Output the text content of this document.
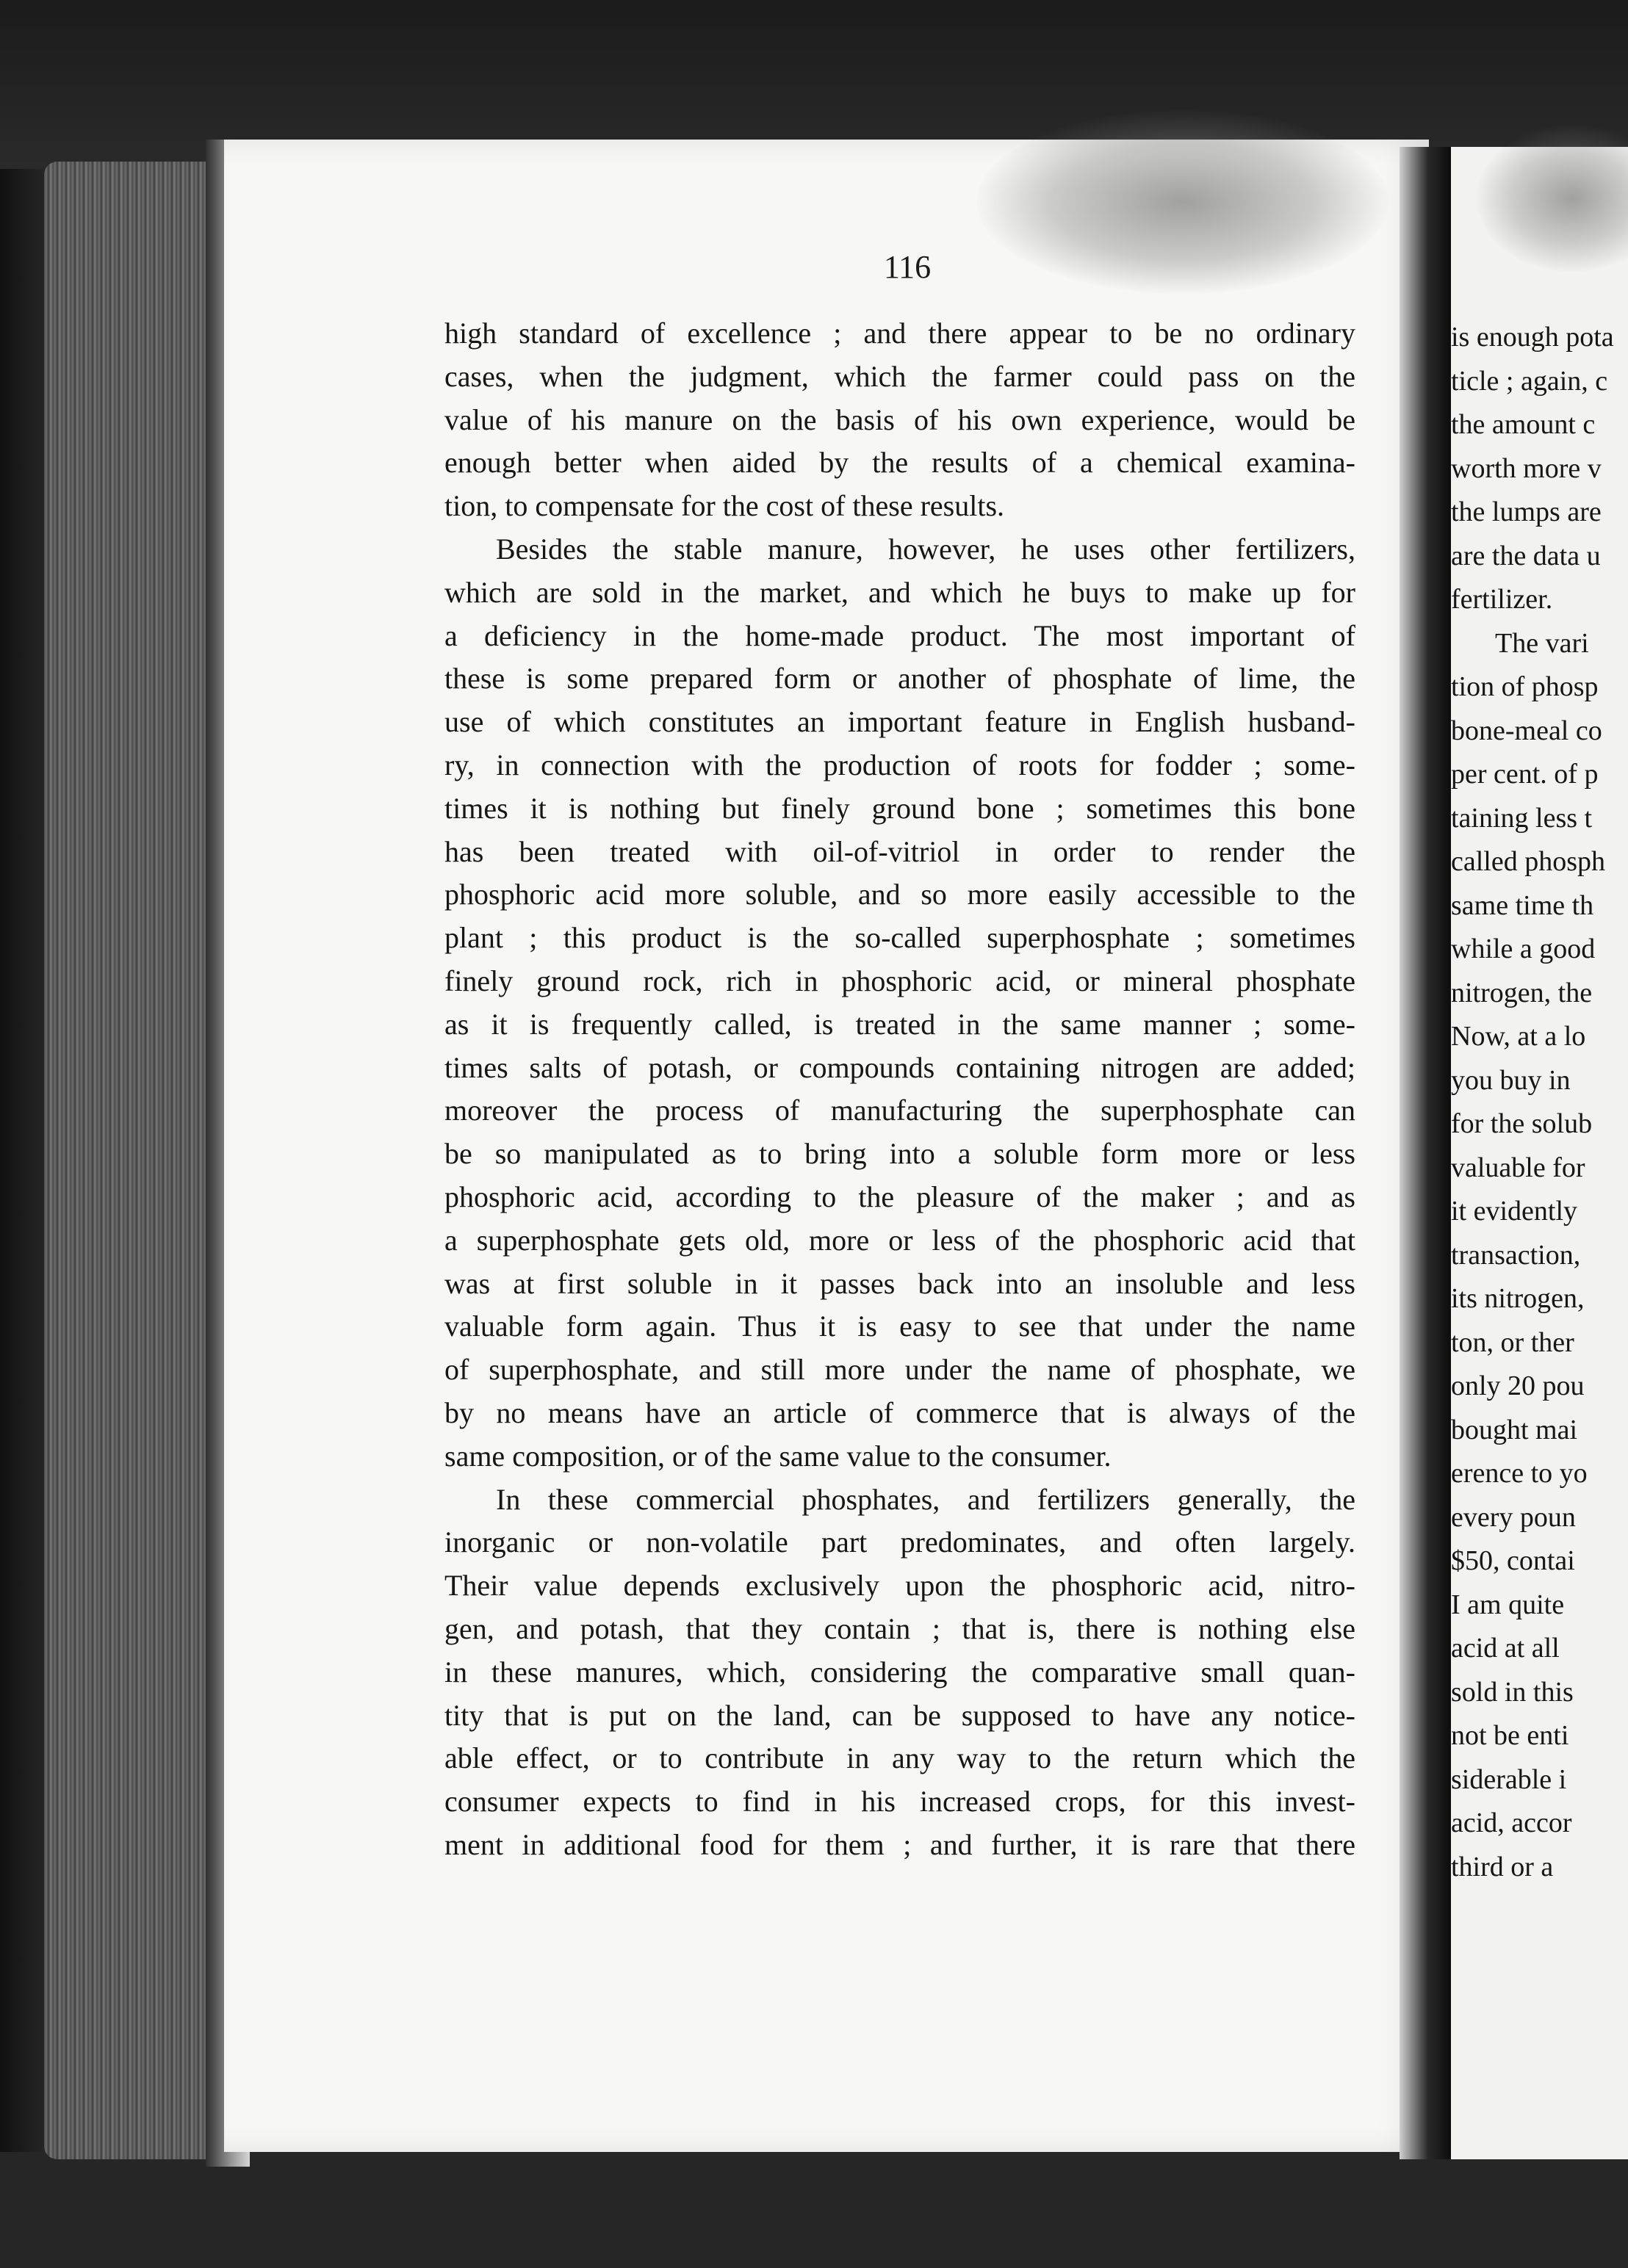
116
high standard of excellence ; and there appear to be no ordinary
cases, when the judgment, which the farmer could pass on the
value of his manure on the basis of his own experience, would be
enough better when aided by the results of a chemical examina-
tion, to compensate for the cost of these results.
Besides the stable manure, however, he uses other fertilizers,
which are sold in the market, and which he buys to make up for
a deficiency in the home-made product. The most important of
these is some prepared form or another of phosphate of lime, the
use of which constitutes an important feature in English husband-
ry, in connection with the production of roots for fodder ; some-
times it is nothing but finely ground bone ; sometimes this bone
has been treated with oil-of-vitriol in order to render the
phosphoric acid more soluble, and so more easily accessible to the
plant ; this product is the so-called superphosphate ; sometimes
finely ground rock, rich in phosphoric acid, or mineral phosphate
as it is frequently called, is treated in the same manner ; some-
times salts of potash, or compounds containing nitrogen are added;
moreover the process of manufacturing the superphosphate can
be so manipulated as to bring into a soluble form more or less
phosphoric acid, according to the pleasure of the maker ; and as
a superphosphate gets old, more or less of the phosphoric acid that
was at first soluble in it passes back into an insoluble and less
valuable form again. Thus it is easy to see that under the name
of superphosphate, and still more under the name of phosphate, we
by no means have an article of commerce that is always of the
same composition, or of the same value to the consumer.
In these commercial phosphates, and fertilizers generally, the
inorganic or non-volatile part predominates, and often largely.
Their value depends exclusively upon the phosphoric acid, nitro-
gen, and potash, that they contain ; that is, there is nothing else
in these manures, which, considering the comparative small quan-
tity that is put on the land, can be supposed to have any notice-
able effect, or to contribute in any way to the return which the
consumer expects to find in his increased crops, for this invest-
ment in additional food for them ; and further, it is rare that there
is enough pota
ticle ; again, c
the amount c
worth more v
the lumps are
are the data u
fertilizer.
The vari
tion of phosp
bone-meal co
per cent. of p
taining less t
called phosph
same time th
while a good
nitrogen, the
Now, at a lo
you buy in
for the solub
valuable for
it evidently
transaction,
its nitrogen,
ton, or ther
only 20 pou
bought mai
erence to yo
every poun
$50, contai
I am quite
acid at all
sold in this
not be enti
siderable i
acid, accor
third or a
